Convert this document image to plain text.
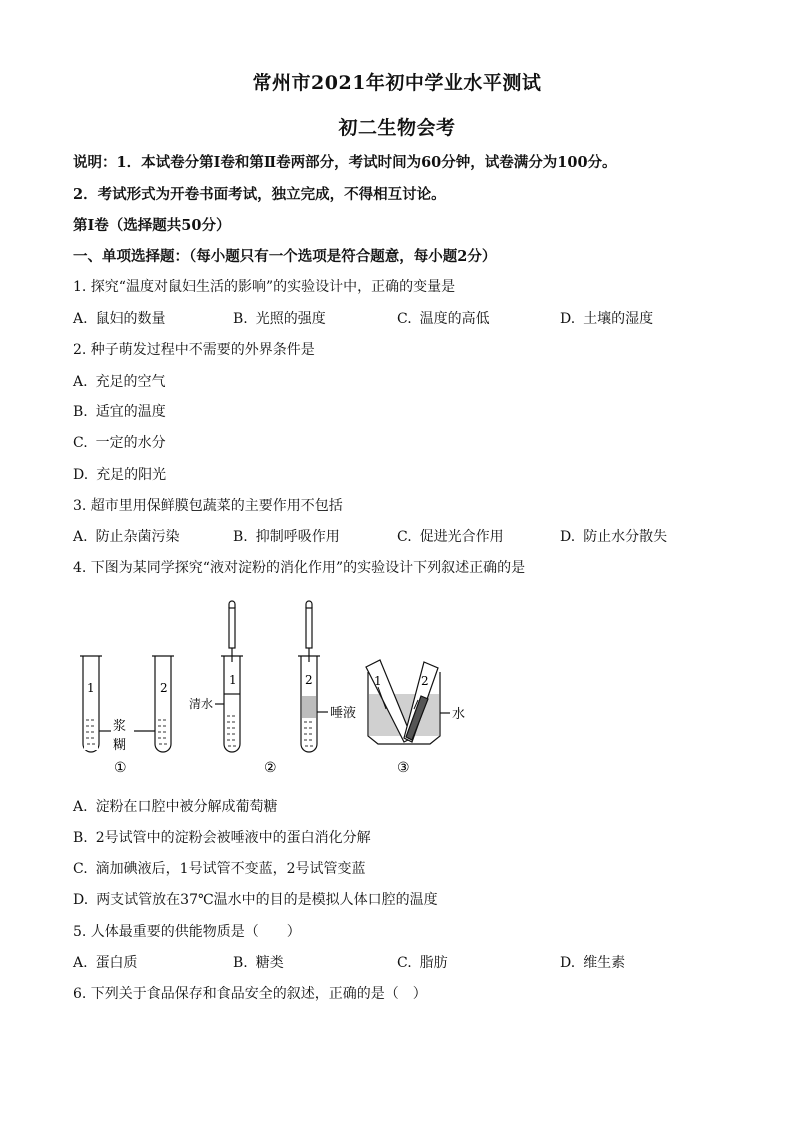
常州市2021年初中学业水平测试
初二生物会考
说明：1．本试卷分第Ⅰ卷和第Ⅱ卷两部分，考试时间为60分钟，试卷满分为100分。
2．考试形式为开卷书面考试，独立完成，不得相互讨论。
第Ⅰ卷（选择题共50分）
一、单项选择题：（每小题只有一个选项是符合题意，每小题2分）
1. 探究“温度对鼠妇生活的影响”的实验设计中，正确的变量是
A. 鼠妇的数量	B. 光照的强度	C. 温度的高低	D. 土壤的湿度
2. 种子萌发过程中不需要的外界条件是
A. 充足的空气
B. 适宜的温度
C. 一定的水分
D. 充足的阳光
3. 超市里用保鲜膜包蔬菜的主要作用不包括
A. 防止杂菌污染	B. 抑制呼吸作用	C. 促进光合作用	D. 防止水分散失
4. 下图为某同学探究“液对淀粉的消化作用”的实验设计下列叙述正确的是
1	2
浆
糊
1	2
清水
唾液
1	2
水
①	②	③
A. 淀粉在口腔中被分解成葡萄糖
B. 2号试管中的淀粉会被唾液中的蛋白消化分解
C. 滴加碘液后，1号试管不变蓝，2号试管变蓝
D. 两支试管放在37℃温水中的目的是模拟人体口腔的温度
5. 人体最重要的供能物质是（　　）
A. 蛋白质	B. 糖类	C. 脂肪	D. 维生素
6. 下列关于食品保存和食品安全的叙述，正确的是（　）
